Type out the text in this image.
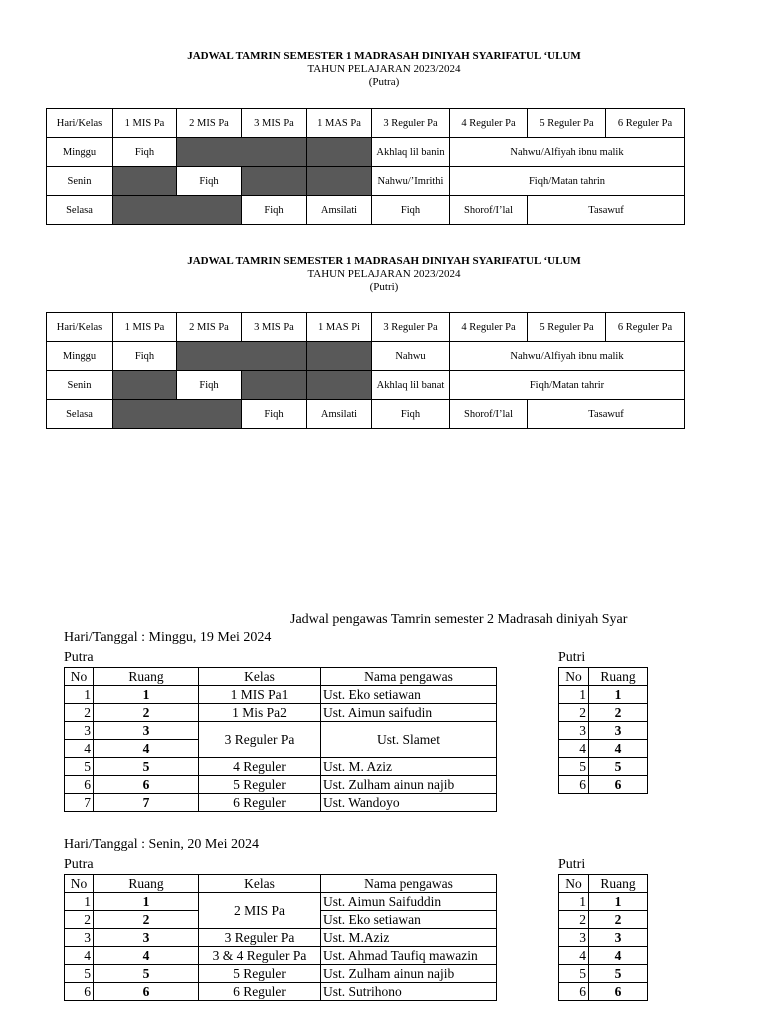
JADWAL TAMRIN SEMESTER 1 MADRASAH DINIYAH SYARIFATUL ‘ULUM
TAHUN PELAJARAN 2023/2024
(Putra)
Hari/Kelas	1 MIS Pa	2 MIS Pa	3 MIS Pa	1 MAS Pa	3 Reguler Pa	4 Reguler Pa	5 Reguler Pa	6 Reguler Pa
Minggu	Fiqh				Akhlaq lil banin	Nahwu/Alfiyah ibnu malik		
Senin		Fiqh			Nahwu/’Imrithi	Fiqh/Matan tahrin		
Selasa			Fiqh	Amsilati	Fiqh	Shorof/I’lal	Tasawuf	
JADWAL TAMRIN SEMESTER 1 MADRASAH DINIYAH SYARIFATUL ‘ULUM
TAHUN PELAJARAN 2023/2024
(Putri)
Hari/Kelas	1 MIS Pa	2 MIS Pa	3 MIS Pa	1 MAS Pi	3 Reguler Pa	4 Reguler Pa	5 Reguler Pa	6 Reguler Pa
Minggu	Fiqh				Nahwu	Nahwu/Alfiyah ibnu malik		
Senin		Fiqh			Akhlaq lil banat	Fiqh/Matan tahrir		
Selasa			Fiqh	Amsilati	Fiqh	Shorof/I’lal	Tasawuf	
Jadwal pengawas Tamrin semester 2 Madrasah diniyah Syar
Hari/Tanggal : Minggu, 19 Mei 2024
Putra	Putri
No	Ruang	Kelas	Nama pengawas
1	1	1 MIS Pa1	Ust. Eko setiawan
2	2	1 Mis Pa2	Ust. Aimun saifudin
3	3	3 Reguler Pa	Ust. Slamet
4	4		
5	5	4 Reguler	Ust. M. Aziz
6	6	5 Reguler	Ust. Zulham ainun najib
7	7	6 Reguler	Ust. Wandoyo
No	Ruang
1	1
2	2
3	3
4	4
5	5
6	6
Hari/Tanggal : Senin, 20 Mei 2024
Putra	Putri
No	Ruang	Kelas	Nama pengawas
1	1	2 MIS Pa	Ust. Aimun Saifuddin
2	2		Ust. Eko setiawan
3	3	3 Reguler Pa	Ust. M.Aziz
4	4	3 & 4 Reguler Pa	Ust. Ahmad Taufiq mawazin
5	5	5 Reguler	Ust. Zulham ainun najib
6	6	6 Reguler	Ust. Sutrihono
No	Ruang
1	1
2	2
3	3
4	4
5	5
6	6
